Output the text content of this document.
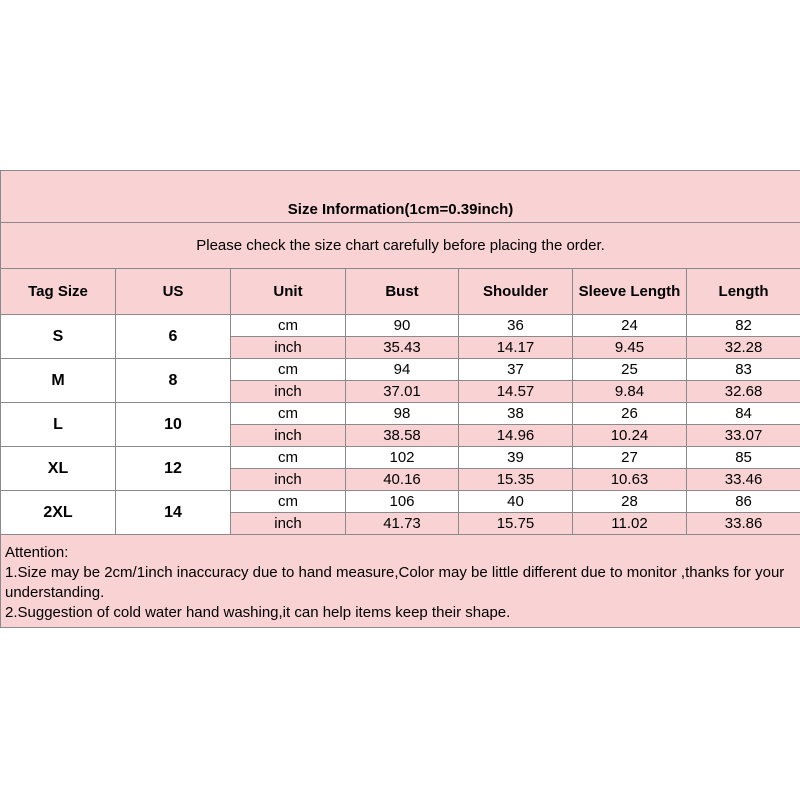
Size Information(1cm=0.39inch)						
Please check the size chart carefully before placing the order.						
Tag Size	US	Unit	Bust	Shoulder	Sleeve Length	Length
S	6	cm	90	36	24	82
		inch	35.43	14.17	9.45	32.28
M	8	cm	94	37	25	83
		inch	37.01	14.57	9.84	32.68
L	10	cm	98	38	26	84
		inch	38.58	14.96	10.24	33.07
XL	12	cm	102	39	27	85
		inch	40.16	15.35	10.63	33.46
2XL	14	cm	106	40	28	86
		inch	41.73	15.75	11.02	33.86

Attention:
1.Size may be 2cm/1inch inaccuracy due to hand measure,Color may be little different due to monitor ,thanks for your understanding.
2.Suggestion of cold water hand washing,it can help items keep their shape.						
